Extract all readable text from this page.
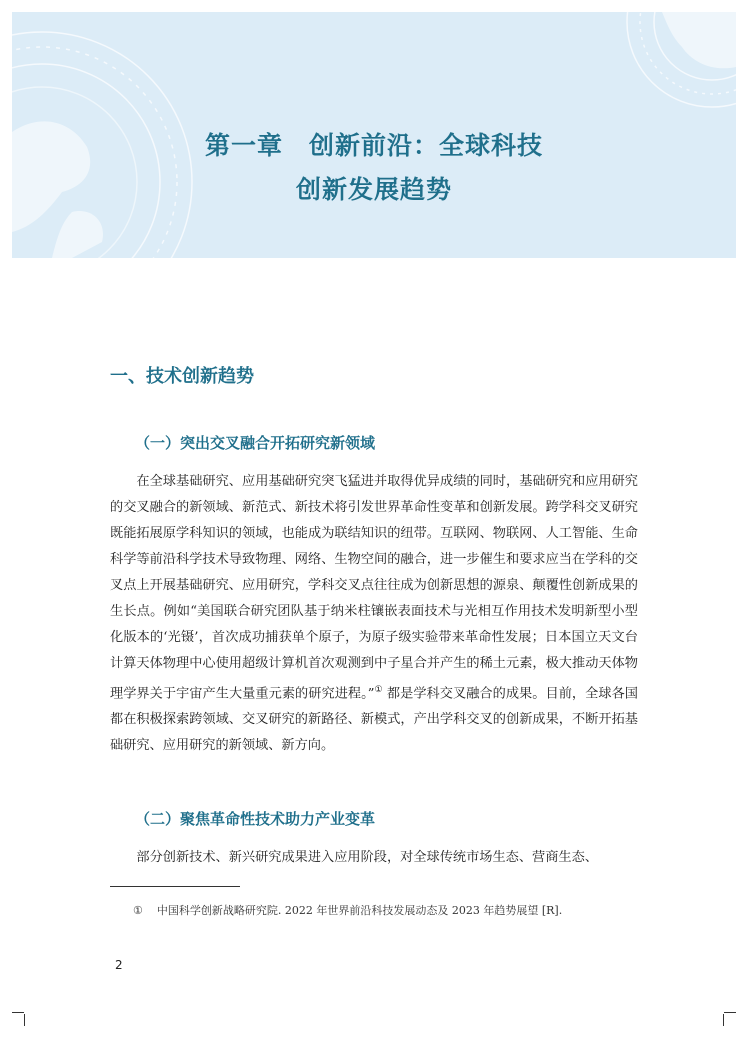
第一章　创新前沿：全球科技
创新发展趋势
一、技术创新趋势
（一）突出交叉融合开拓研究新领域
在全球基础研究、应用基础研究突飞猛进并取得优异成绩的同时，基础研究和应用研究的交叉融合的新领域、新范式、新技术将引发世界革命性变革和创新发展。跨学科交叉研究既能拓展原学科知识的领域，也能成为联结知识的纽带。互联网、物联网、人工智能、生命科学等前沿科学技术导致物理、网络、生物空间的融合，进一步催生和要求应当在学科的交叉点上开展基础研究、应用研究，学科交叉点往往成为创新思想的源泉、颠覆性创新成果的生长点。例如“美国联合研究团队基于纳米柱镶嵌表面技术与光相互作用技术发明新型小型化版本的‘光镊’，首次成功捕获单个原子，为原子级实验带来革命性发展；日本国立天文台计算天体物理中心使用超级计算机首次观测到中子星合并产生的稀土元素，极大推动天体物理学界关于宇宙产生大量重元素的研究进程。”① 都是学科交叉融合的成果。目前，全球各国都在积极探索跨领域、交叉研究的新路径、新模式，产出学科交叉的创新成果，不断开拓基础研究、应用研究的新领域、新方向。
（二）聚焦革命性技术助力产业变革
部分创新技术、新兴研究成果进入应用阶段，对全球传统市场生态、营商生态、
① 中国科学创新战略研究院. 2022 年世界前沿科技发展动态及 2023 年趋势展望 [R].
2
